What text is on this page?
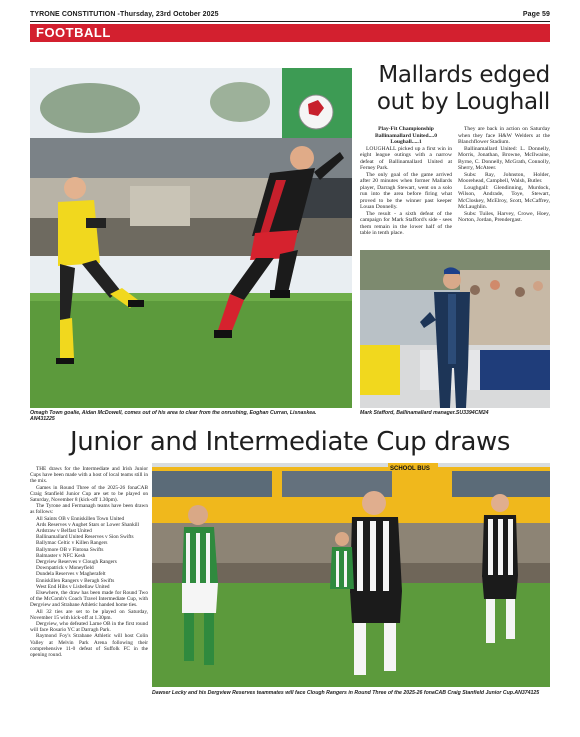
TYRONE CONSTITUTION -Thursday, 23rd October 2025	Page 59
FOOTBALL
Omagh Town goalie, Aidan McDowell, comes out of his area to clear from the onrushing, Eoghan Curran, Lisnaskea. AN431225
Mallards edged
out by Loughall

Play-Fit Championship

Ballinamallard United....0

Loughall.....1

LOUGHALL picked up a first win in eight league outings with a narrow defeat of Ballinamallard United at Ferney Park.

The only goal of the game arrived after 20 minutes when former Mallards player, Darragh Stewart, went on a solo run into the area before firing what proved to be the winner past keeper Louan Donnelly.

The result - a sixth defeat of the campaign for Mark Stafford's side - sees them remain in the lower half of the table in tenth place.

They are back in action on Saturday when they face H&W Welders at the Blanchflower Stadium.

Ballinamallard United: L. Donnelly, Morris, Jonathan, Browne, McIlwaine, Byrne, C. Donnelly, McGrath, Connolly, Sherry, McAteer.

Subs: Ray, Johnston, Holder, Moorehead, Campbell, Walsh, Butler.

Loughgall: Glendinning, Murdock, Wilson, Andrade, Toye, Stewart, McCloskey, McElroy, Scott, McCaffrey, McLaughlin.

Subs: Tuiles, Harvey, Crowe, Hoey, Norton, Jordan, Prendergast.

Mark Stafford, Ballinamallard manager.SU3394CM24
Junior and Intermediate Cup draws

THE draws for the Intermediate and Irish Junior Cups have been made with a host of local teams still in the mix.

Games in Round Three of the 2025-26 fonaCAB Craig Stanfield Junior Cup are set to be played on Saturday, November 8 (kick-off 1.30pm).

The Tyrone and Fermanagh teams have been drawn as follows:

All Saints OB v Enniskillen Town United

Ards Reserves v Aughet Stars or Lower Shankill

Ardstraw v Belfast United

Ballinamallard United Reserves v Sion Swifts

Ballymac Celtic v Killen Rangers

Ballymore OB v Fintona Swifts

Balmaster v NFC Kesh

Dergview Reserves v Clough Rangers

Downpatrick v Moneyfield

Dundela Reserves v Magherafelt

Enniskillen Rangers v Beragh Swifts

West End Hibs v Lisbellaw United

Elsewhere, the draw has been made for Round Two of the McComb's Coach Travel Intermediate Cup, with Dergview and Strabane Athletic handed home ties.

All 32 ties are set to be played on Saturday, November 15 with kick-off at 1.30pm.

Dergview, who defeated Larne OB in the first round will face Rosario YC at Darragh Park.

Raymond Foy's Strabane Athletic will host Colin Valley at Melvin Park Arena following their comprehensive 11-0 defeat of Suffolk FC in the opening round.

SCHOOL BUS
Dawser Lecky and his Dergview Reserves teammates will face Clough Rangers in Round Three of the 2025-26 fonaCAB Craig Stanfield Junior Cup.AN374125
